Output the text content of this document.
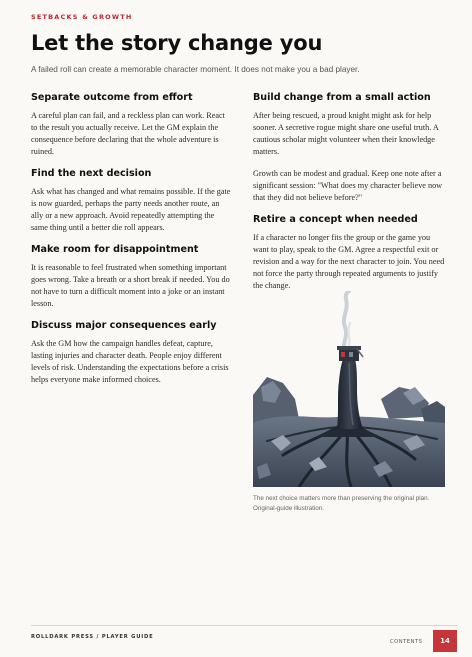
SETBACKS & GROWTH
Let the story change you

A failed roll can create a memorable character moment. It does not make you a bad player.

Separate outcome from effort

A careful plan can fail, and a reckless plan can work. React to the result you actually receive. Let the GM explain the consequence before declaring that the whole adventure is ruined.

Find the next decision

Ask what has changed and what remains possible. If the gate is now guarded, perhaps the party needs another route, an ally or a new approach. Avoid repeatedly attempting the same thing until a better die roll appears.

Make room for disappointment

It is reasonable to feel frustrated when something important goes wrong. Take a breath or a short break if needed. You do not have to turn a difficult moment into a joke or an instant lesson.

Discuss major consequences early

Ask the GM how the campaign handles defeat, capture, lasting injuries and character death. People enjoy different levels of risk. Understanding the expectations before a crisis helps everyone make informed choices.

Build change from a small action

After being rescued, a proud knight might ask for help sooner. A secretive rogue might share one useful truth. A cautious scholar might volunteer when their knowledge matters.

Growth can be modest and gradual. Keep one note after a significant session: "What does my character believe now that they did not believe before?"

Retire a concept when needed

If a character no longer fits the group or the game you want to play, speak to the GM. Agree a respectful exit or revision and a way for the next character to join. You need not force the party through repeated arguments to justify the change.

The next choice matters more than preserving the original plan. Original-guide illustration.

ROLLDARK PRESS / PLAYER GUIDE
CONTENTS	14
